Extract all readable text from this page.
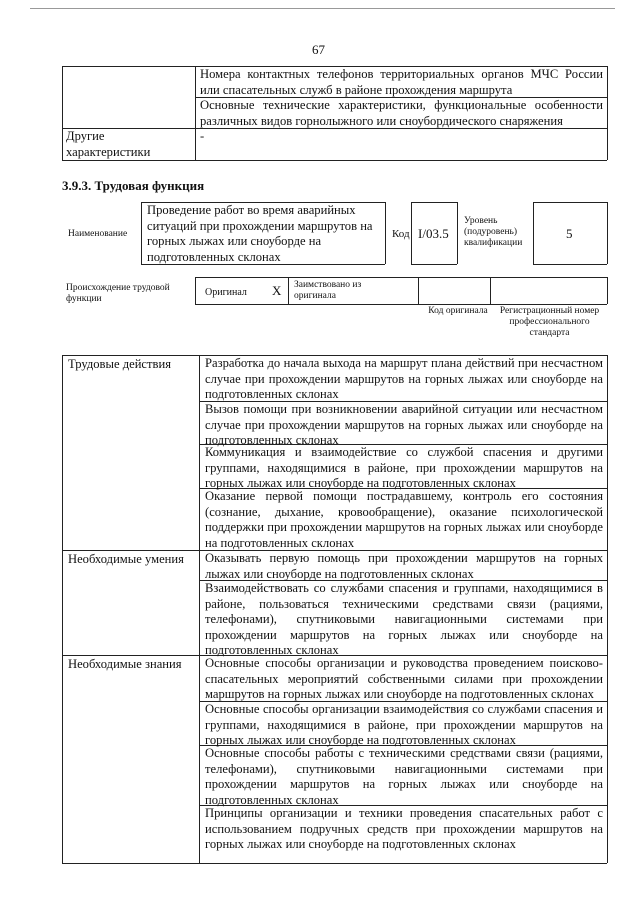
67
Номера контактных телефонов территориальных органов МЧС России или спасательных служб в районе прохождения маршрута
Основные технические характеристики, функциональные особенности различных видов горнолыжного или сноубордического снаряжения
Другие характеристики
-
3.9.3. Трудовая функция
Наименование
Проведение работ во время аварийных ситуаций при прохождении маршрутов на горных лыжах или сноуборде на подготовленных склонах
Код I/03.5
Уровень (подуровень) квалификации
5
Происхождение трудовой функции
Оригинал X Заимствовано из оригинала
Код оригинала	Регистрационный номер профессионального стандарта
Трудовые действия
Необходимые умения
Необходимые знания
Разработка до начала выхода на маршрут плана действий при несчастном случае при прохождении маршрутов на горных лыжах или сноуборде на подготовленных склонах
Вызов помощи при возникновении аварийной ситуации или несчастном случае при прохождении маршрутов на горных лыжах или сноуборде на подготовленных склонах
Коммуникация и взаимодействие со службой спасения и другими группами, находящимися в районе, при прохождении маршрутов на горных лыжах или сноуборде на подготовленных склонах
Оказание первой помощи пострадавшему, контроль его состояния (сознание, дыхание, кровообращение), оказание психологической поддержки при прохождении маршрутов на горных лыжах или сноуборде на подготовленных склонах
Оказывать первую помощь при прохождении маршрутов на горных лыжах или сноуборде на подготовленных склонах
Взаимодействовать со службами спасения и группами, находящимися в районе, пользоваться техническими средствами связи (рациями, телефонами), спутниковыми навигационными системами при прохождении маршрутов на горных лыжах или сноуборде на подготовленных склонах
Основные способы организации и руководства проведением поисково-спасательных мероприятий собственными силами при прохождении маршрутов на горных лыжах или сноуборде на подготовленных склонах
Основные способы организации взаимодействия со службами спасения и группами, находящимися в районе, при прохождении маршрутов на горных лыжах или сноуборде на подготовленных склонах
Основные способы работы с техническими средствами связи (рациями, телефонами), спутниковыми навигационными системами при прохождении маршрутов на горных лыжах или сноуборде на подготовленных склонах
Принципы организации и техники проведения спасательных работ с использованием подручных средств при прохождении маршрутов на горных лыжах или сноуборде на подготовленных склонах
